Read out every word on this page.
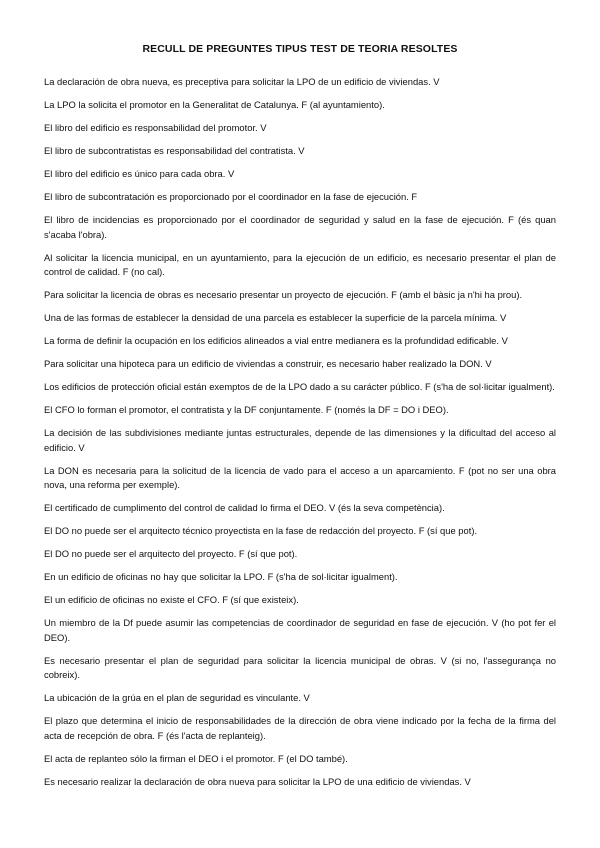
RECULL DE PREGUNTES TIPUS TEST DE TEORIA RESOLTES

La declaración de obra nueva, es preceptiva para solicitar la LPO de un edificio de viviendas. V

La LPO la solicita el promotor en la Generalitat de Catalunya. F (al ayuntamiento).

El libro del edificio es responsabilidad del promotor. V

El libro de subcontratistas es responsabilidad del contratista. V

El libro del edificio es único para cada obra. V

El libro de subcontratación es proporcionado por el coordinador en la fase de ejecución. F

El libro de incidencias es proporcionado por el coordinador de seguridad y salud en la fase de ejecución. F (és quan s'acaba l'obra).

Al solicitar la licencia municipal, en un ayuntamiento, para la ejecución de un edificio, es necesario presentar el plan de control de calidad. F (no cal).

Para solicitar la licencia de obras es necesario presentar un proyecto de ejecución. F (amb el bàsic ja n'hi ha prou).

Una de las formas de establecer la densidad de una parcela es establecer la superficie de la parcela mínima. V

La forma de definir la ocupación en los edificios alineados a vial entre medianera es la profundidad edificable. V

Para solicitar una hipoteca para un edificio de viviendas a construir, es necesario haber realizado la DON. V

Los edificios de protección oficial están exemptos de de la LPO dado a su carácter público. F (s'ha de sol·licitar igualment).

El CFO lo forman el promotor, el contratista y la DF conjuntamente. F (només la DF = DO i DEO).

La decisión de las subdivisiones mediante juntas estructurales, depende de las dimensiones y la dificultad del acceso al edificio. V

La DON es necesaria para la solicitud de la licencia de vado para el acceso a un aparcamiento. F (pot no ser una obra nova, una reforma per exemple).

El certificado de cumplimento del control de calidad lo firma el DEO. V (és la seva competència).

El DO no puede ser el arquitecto técnico proyectista en la fase de redacción del proyecto. F (sí que pot).

El DO no puede ser el arquitecto del proyecto. F (sí que pot).

En un edificio de oficinas no hay que solicitar la LPO. F (s'ha de sol·licitar igualment).

El un edificio de oficinas no existe el CFO. F (sí que existeix).

Un miembro de la Df puede asumir las competencias de coordinador de seguridad en fase de ejecución. V (ho pot fer el DEO).

Es necesario presentar el plan de seguridad para solicitar la licencia municipal de obras. V (si no, l'assegurança no cobreix).

La ubicación de la grúa en el plan de seguridad es vinculante. V

El plazo que determina el inicio de responsabilidades de la dirección de obra viene indicado por la fecha de la firma del acta de recepción de obra. F (és l'acta de replanteig).

El acta de replanteo sólo la firman el DEO i el promotor. F (el DO també).

Es necesario realizar la declaración de obra nueva para solicitar la LPO de una edificio de viviendas. V
